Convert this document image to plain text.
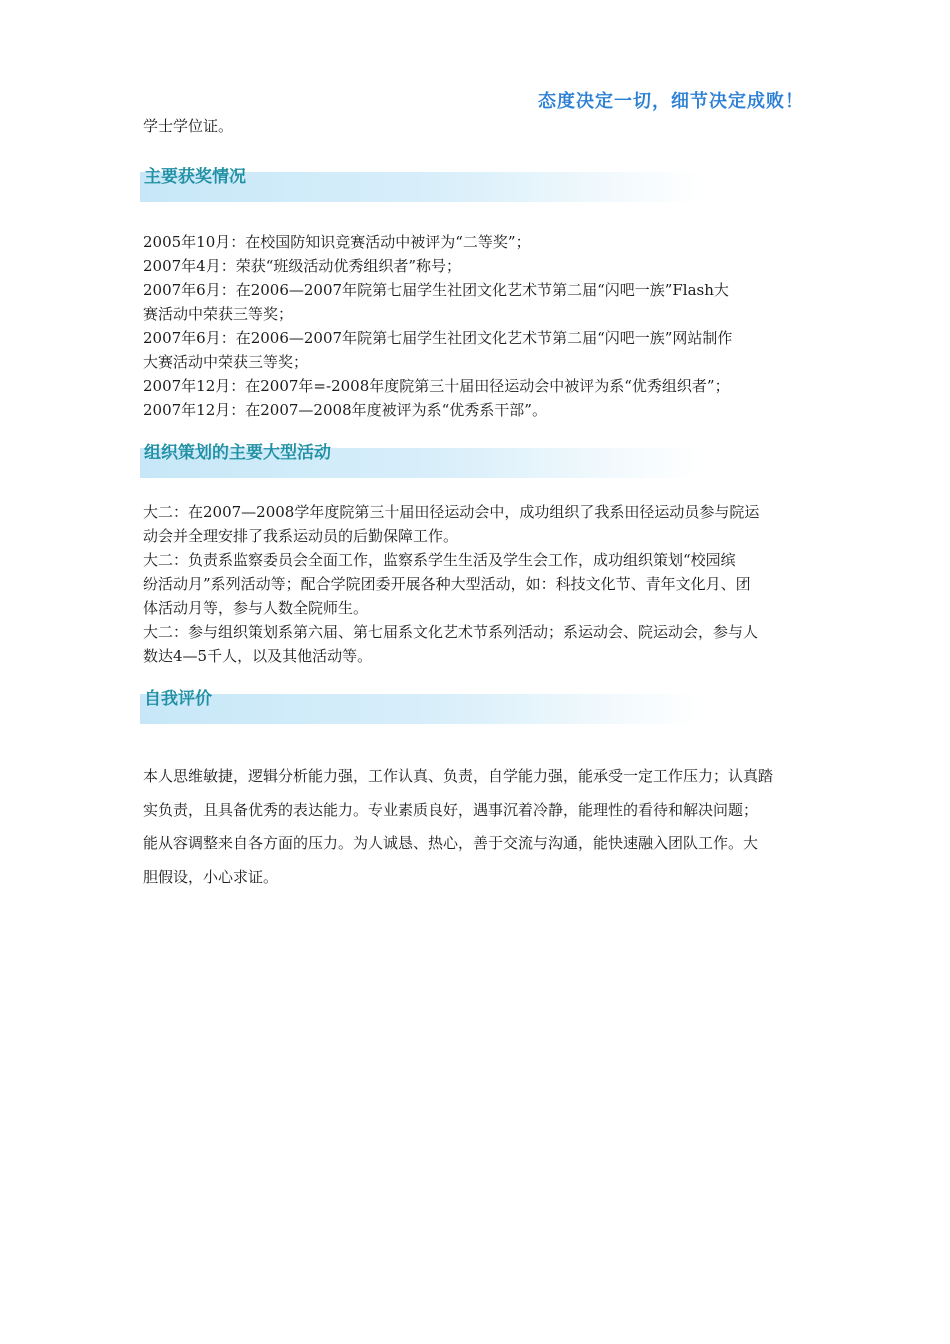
态度决定一切，细节决定成败！

学士学位证。

主要获奖情况

2005年10月：在校国防知识竞赛活动中被评为“二等奖”；

2007年4月：荣获“班级活动优秀组织者”称号；

2007年6月：在2006—2007年院第七届学生社团文化艺术节第二届“闪吧一族”Flash大

赛活动中荣获三等奖；

2007年6月：在2006—2007年院第七届学生社团文化艺术节第二届“闪吧一族”网站制作

大赛活动中荣获三等奖；

2007年12月：在2007年=-2008年度院第三十届田径运动会中被评为系“优秀组织者”；

2007年12月：在2007—2008年度被评为系“优秀系干部”。

组织策划的主要大型活动

大二：在2007—2008学年度院第三十届田径运动会中，成功组织了我系田径运动员参与院运

动会并全理安排了我系运动员的后勤保障工作。

大二：负责系监察委员会全面工作，监察系学生生活及学生会工作，成功组织策划“校园缤

纷活动月”系列活动等；配合学院团委开展各种大型活动，如：科技文化节、青年文化月、团

体活动月等，参与人数全院师生。

大二：参与组织策划系第六届、第七届系文化艺术节系列活动；系运动会、院运动会，参与人

数达4—5千人，以及其他活动等。

自我评价

本人思维敏捷，逻辑分析能力强，工作认真、负责，自学能力强，能承受一定工作压力；认真踏

实负责，且具备优秀的表达能力。专业素质良好，遇事沉着冷静，能理性的看待和解决问题；

能从容调整来自各方面的压力。为人诚恳、热心，善于交流与沟通，能快速融入团队工作。大

胆假设，小心求证。
